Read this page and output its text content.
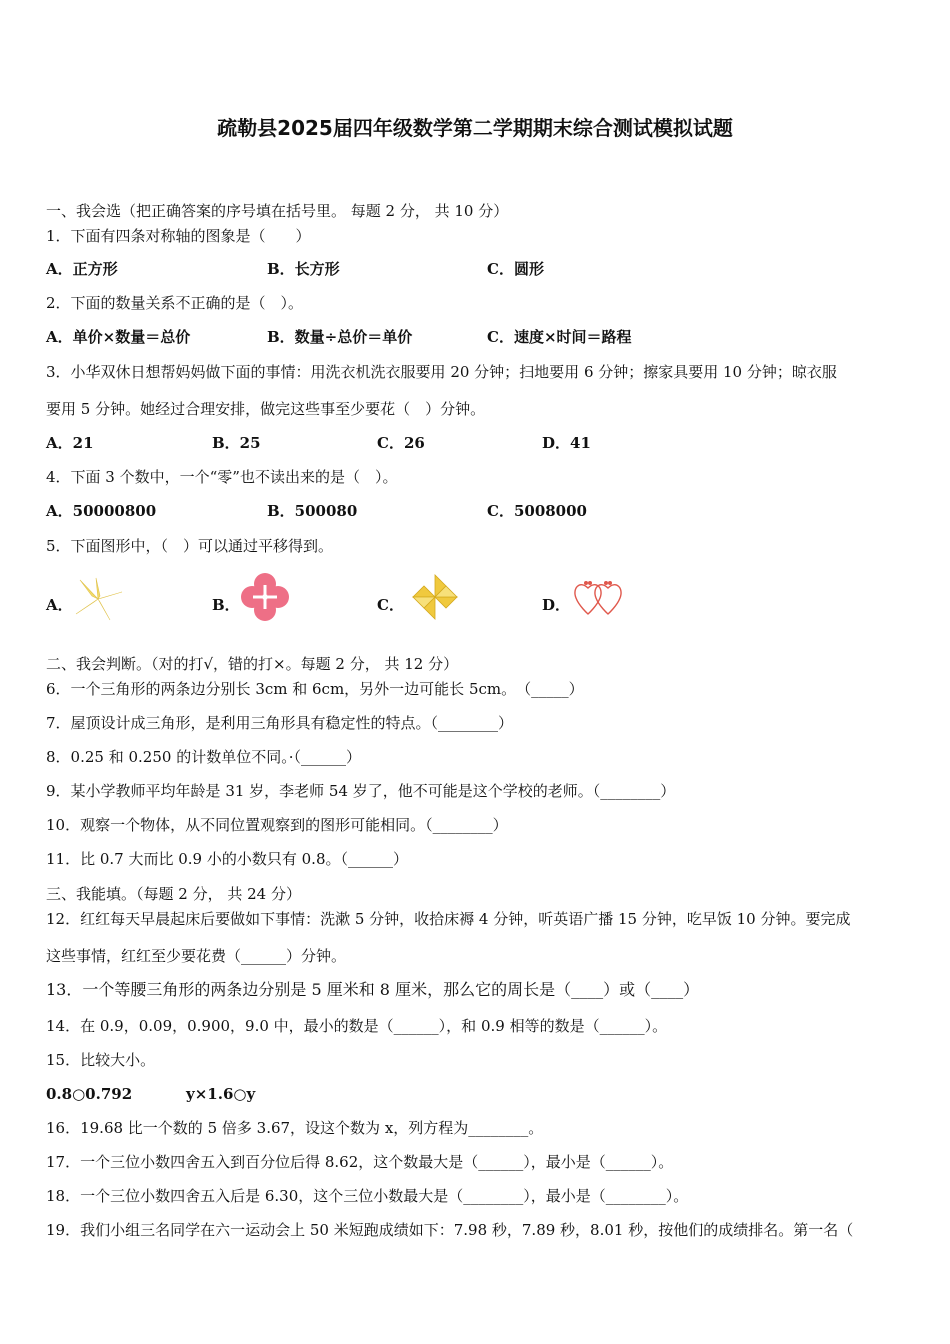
疏勒县2025届四年级数学第二学期期末综合测试模拟试题
一、我会选（把正确答案的序号填在括号里。 每题 2 分， 共 10 分）
1．下面有四条对称轴的图象是（　　）
A．正方形	B．长方形	C．圆形
2．下面的数量关系不正确的是（　）。
A．单价×数量＝总价	B．数量÷总价＝单价	C．速度×时间＝路程
3．小华双休日想帮妈妈做下面的事情：用洗衣机洗衣服要用 20 分钟；扫地要用 6 分钟；擦家具要用 10 分钟；晾衣服
要用 5 分钟。她经过合理安排，做完这些事至少要花（　）分钟。
A．21	B．25	C．26	D．41
4．下面 3 个数中，一个“零”也不读出来的是（　）。
A．50000800	B．500080	C．5008000
5．下面图形中，（　）可以通过平移得到。
A．	B．	C．	D．
二、我会判断。（对的打√，错的打×。每题 2 分， 共 12 分）
6．一个三角形的两条边分别长 3cm 和 6cm，另外一边可能长 5cm。　（_____）
7．屋顶设计成三角形，是利用三角形具有稳定性的特点。（________）
8．0.25 和 0.250 的计数单位不同。·（______）
9．某小学教师平均年龄是 31 岁，李老师 54 岁了，他不可能是这个学校的老师。（________）
10．观察一个物体，从不同位置观察到的图形可能相同。（________）
11．比 0.7 大而比 0.9 小的小数只有 0.8。（______）
三、我能填。（每题 2 分， 共 24 分）
12．红红每天早晨起床后要做如下事情：洗漱 5 分钟，收拾床褥 4 分钟，听英语广播 15 分钟，吃早饭 10 分钟。要完成
这些事情，红红至少要花费（______）分钟。
13．一个等腰三角形的两条边分别是 5 厘米和 8 厘米，那么它的周长是（____）或（____）
14．在 0.9，0.09，0.900，9.0 中，最小的数是（______），和 0.9 相等的数是（______）。
15．比较大小。
0.8○0.792	y×1.6○y
16．19.68 比一个数的 5 倍多 3.67，设这个数为 x，列方程为________。
17．一个三位小数四舍五入到百分位后得 8.62，这个数最大是（______），最小是（______）。
18．一个三位小数四舍五入后是 6.30，这个三位小数最大是（________），最小是（________）。
19．我们小组三名同学在六一运动会上 50 米短跑成绩如下：7.98 秒，7.89 秒，8.01 秒，按他们的成绩排名。第一名（
